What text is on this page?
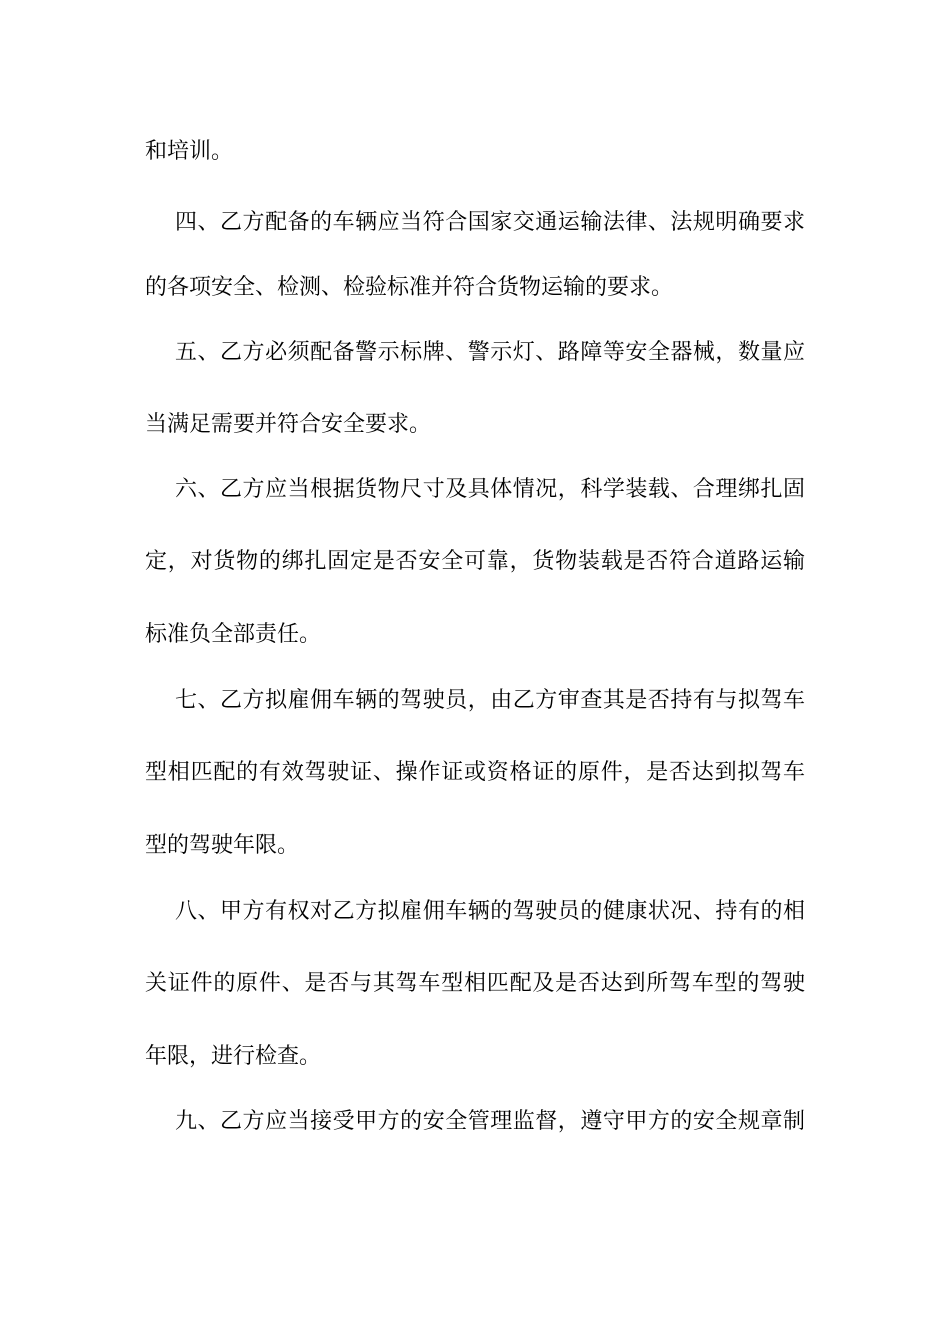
和培训。
四、乙方配备的车辆应当符合国家交通运输法律、法规明确要求
的各项安全、检测、检验标准并符合货物运输的要求。
五、乙方必须配备警示标牌、警示灯、路障等安全器械，数量应
当满足需要并符合安全要求。
六、乙方应当根据货物尺寸及具体情况，科学装载、合理绑扎固
定，对货物的绑扎固定是否安全可靠，货物装载是否符合道路运输
标准负全部责任。
七、乙方拟雇佣车辆的驾驶员，由乙方审查其是否持有与拟驾车
型相匹配的有效驾驶证、操作证或资格证的原件，是否达到拟驾车
型的驾驶年限。
八、甲方有权对乙方拟雇佣车辆的驾驶员的健康状况、持有的相
关证件的原件、是否与其驾车型相匹配及是否达到所驾车型的驾驶
年限，进行检查。
九、乙方应当接受甲方的安全管理监督，遵守甲方的安全规章制
